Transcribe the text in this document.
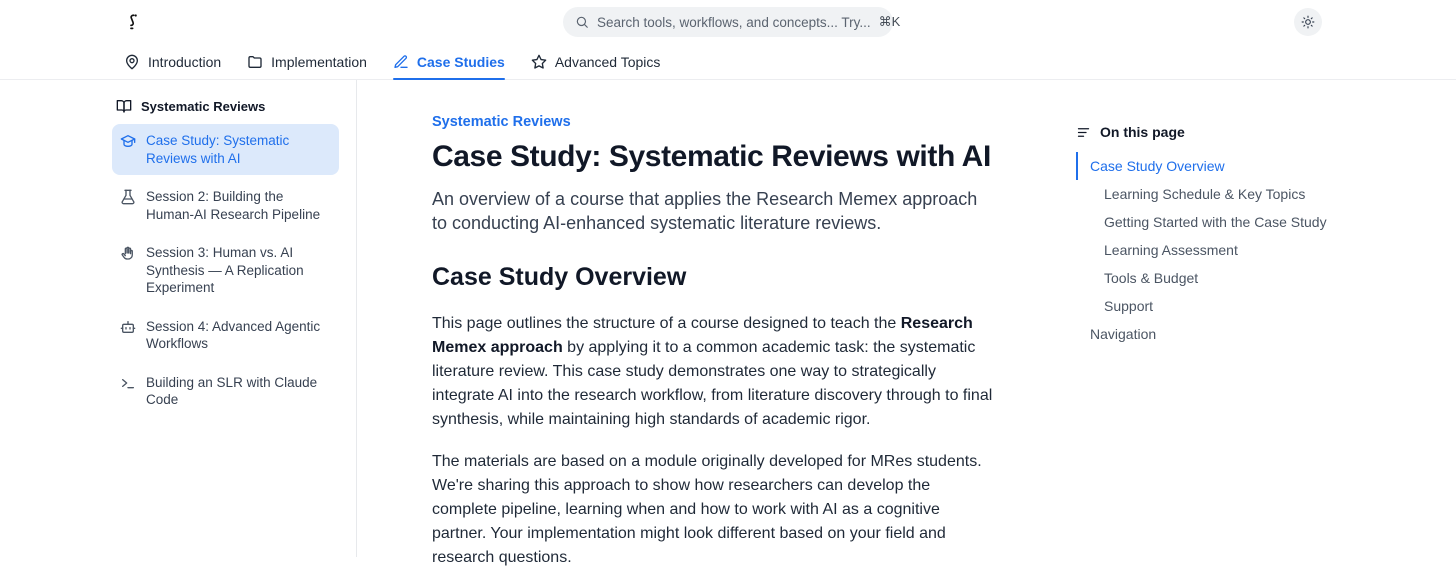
Search tools, workflows, and concepts... Try... ⌘K
Introduction	Implementation	Case Studies	Advanced Topics
Systematic Reviews
Case Study: Systematic Reviews with AI
Session 2: Building the Human-AI Research Pipeline
Session 3: Human vs. AI Synthesis — A Replication Experiment
Session 4: Advanced Agentic Workflows
Building an SLR with Claude Code
Systematic Reviews
Case Study: Systematic Reviews with AI

An overview of a course that applies the Research Memex approach to conducting AI-enhanced systematic literature reviews.

Case Study Overview

This page outlines the structure of a course designed to teach the Research Memex approach by applying it to a common academic task: the systematic literature review. This case study demonstrates one way to strategically integrate AI into the research workflow, from literature discovery through to final synthesis, while maintaining high standards of academic rigor.

The materials are based on a module originally developed for MRes students. We're sharing this approach to show how researchers can develop the complete pipeline, learning when and how to work with AI as a cognitive partner. Your implementation might look different based on your field and research questions.

On this page
Case Study Overview
Learning Schedule & Key Topics
Getting Started with the Case Study
Learning Assessment
Tools & Budget
Support
Navigation
